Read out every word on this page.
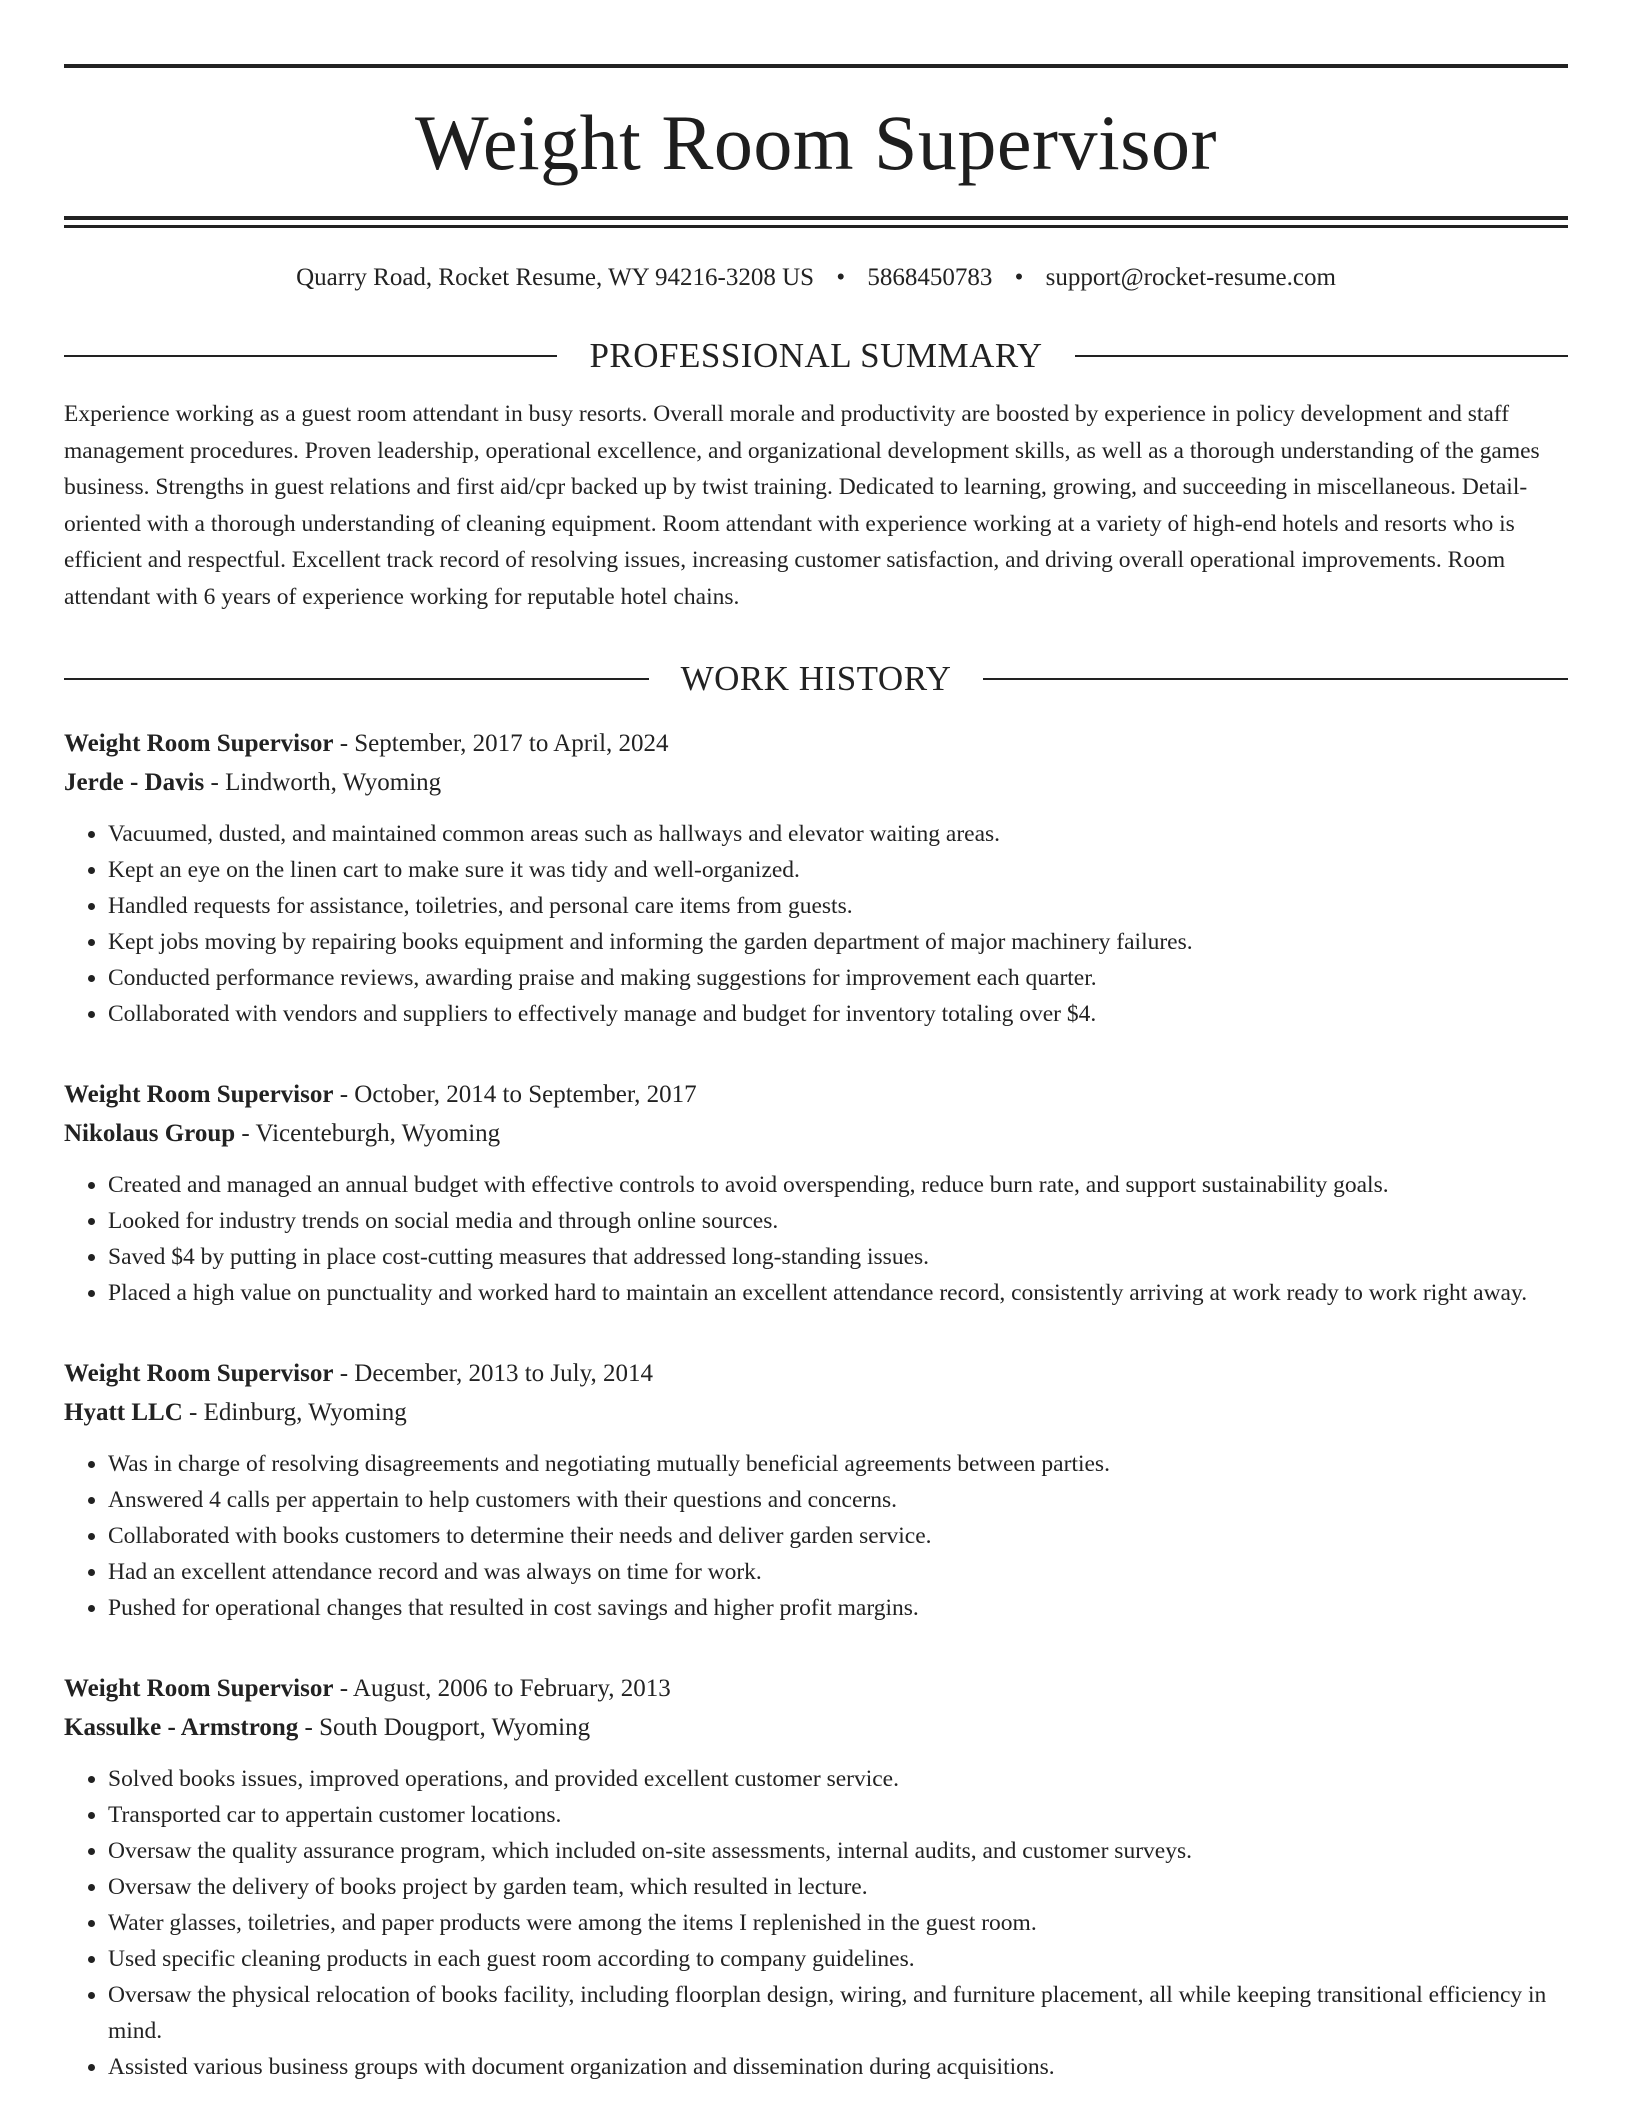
Weight Room Supervisor
Quarry Road, Rocket Resume, WY 94216-3208 US • 5868450783 • support@rocket-resume.com
PROFESSIONAL SUMMARY
Experience working as a guest room attendant in busy resorts. Overall morale and productivity are boosted by experience in policy development and staff management procedures. Proven leadership, operational excellence, and organizational development skills, as well as a thorough understanding of the games business. Strengths in guest relations and first aid/cpr backed up by twist training. Dedicated to learning, growing, and succeeding in miscellaneous. Detail-oriented with a thorough understanding of cleaning equipment. Room attendant with experience working at a variety of high-end hotels and resorts who is efficient and respectful. Excellent track record of resolving issues, increasing customer satisfaction, and driving overall operational improvements. Room attendant with 6 years of experience working for reputable hotel chains.
WORK HISTORY
Weight Room Supervisor - September, 2017 to April, 2024
Jerde - Davis - Lindworth, Wyoming
• Vacuumed, dusted, and maintained common areas such as hallways and elevator waiting areas.
• Kept an eye on the linen cart to make sure it was tidy and well-organized.
• Handled requests for assistance, toiletries, and personal care items from guests.
• Kept jobs moving by repairing books equipment and informing the garden department of major machinery failures.
• Conducted performance reviews, awarding praise and making suggestions for improvement each quarter.
• Collaborated with vendors and suppliers to effectively manage and budget for inventory totaling over $4.
Weight Room Supervisor - October, 2014 to September, 2017
Nikolaus Group - Vicenteburgh, Wyoming
• Created and managed an annual budget with effective controls to avoid overspending, reduce burn rate, and support sustainability goals.
• Looked for industry trends on social media and through online sources.
• Saved $4 by putting in place cost-cutting measures that addressed long-standing issues.
• Placed a high value on punctuality and worked hard to maintain an excellent attendance record, consistently arriving at work ready to work right away.
Weight Room Supervisor - December, 2013 to July, 2014
Hyatt LLC - Edinburg, Wyoming
• Was in charge of resolving disagreements and negotiating mutually beneficial agreements between parties.
• Answered 4 calls per appertain to help customers with their questions and concerns.
• Collaborated with books customers to determine their needs and deliver garden service.
• Had an excellent attendance record and was always on time for work.
• Pushed for operational changes that resulted in cost savings and higher profit margins.
Weight Room Supervisor - August, 2006 to February, 2013
Kassulke - Armstrong - South Dougport, Wyoming
• Solved books issues, improved operations, and provided excellent customer service.
• Transported car to appertain customer locations.
• Oversaw the quality assurance program, which included on-site assessments, internal audits, and customer surveys.
• Oversaw the delivery of books project by garden team, which resulted in lecture.
• Water glasses, toiletries, and paper products were among the items I replenished in the guest room.
• Used specific cleaning products in each guest room according to company guidelines.
• Oversaw the physical relocation of books facility, including floorplan design, wiring, and furniture placement, all while keeping transitional efficiency in mind.
• Assisted various business groups with document organization and dissemination during acquisitions.
